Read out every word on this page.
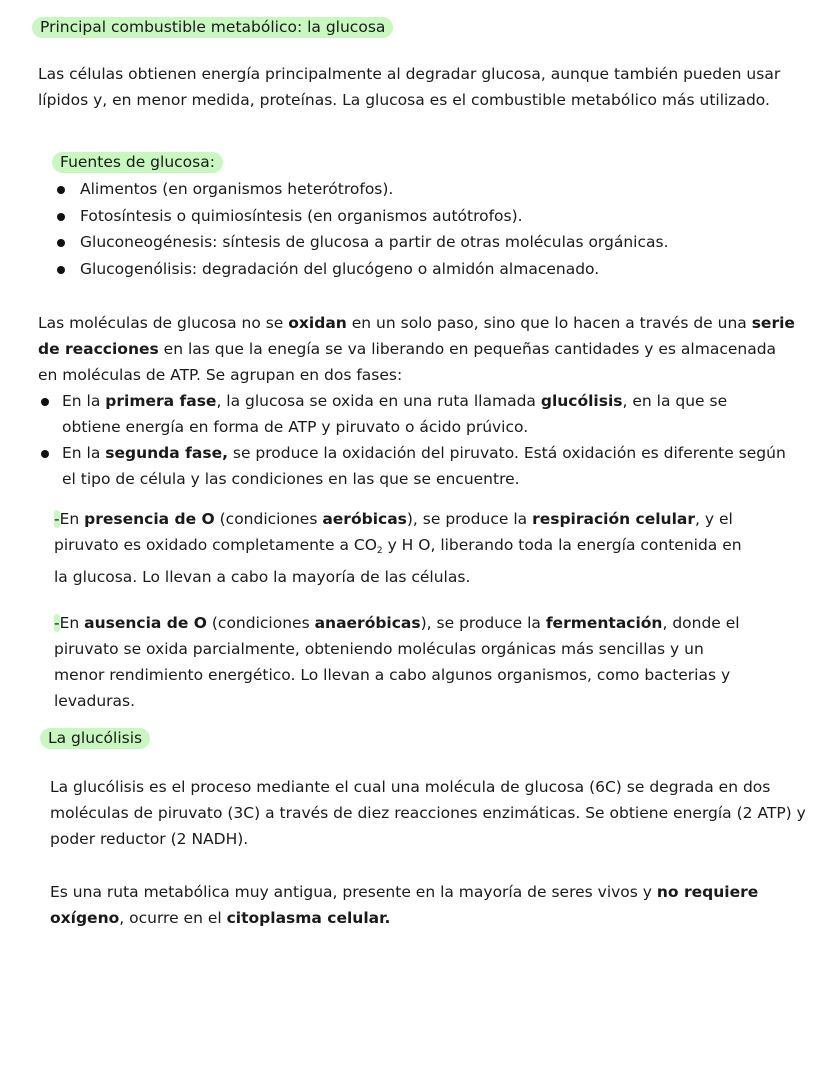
Principal combustible metabólico: la glucosa

Las células obtienen energía principalmente al degradar glucosa, aunque también pueden usar lípidos y, en menor medida, proteínas. La glucosa es el combustible metabólico más utilizado.

Fuentes de glucosa:
Alimentos (en organismos heterótrofos).
Fotosíntesis o quimiosíntesis (en organismos autótrofos).
Gluconeogénesis: síntesis de glucosa a partir de otras moléculas orgánicas.
Glucogenólisis: degradación del glucógeno o almidón almacenado.

Las moléculas de glucosa no se oxidan en un solo paso, sino que lo hacen a través de una serie de reacciones en las que la enegía se va liberando en pequeñas cantidades y es almacenada en moléculas de ATP. Se agrupan en dos fases:

En la primera fase, la glucosa se oxida en una ruta llamada glucólisis, en la que se obtiene energía en forma de ATP y piruvato o ácido prúvico.
En la segunda fase, se produce la oxidación del piruvato. Está oxidación es diferente según el tipo de célula y las condiciones en las que se encuentre.

-En presencia de O (condiciones aeróbicas), se produce la respiración celular, y el piruvato es oxidado completamente a $CO_2$ y H O, liberando toda la energía contenida en la glucosa. Lo llevan a cabo la mayoría de las células.

-En ausencia de O (condiciones anaeróbicas), se produce la fermentación, donde el piruvato se oxida parcialmente, obteniendo moléculas orgánicas más sencillas y un menor rendimiento energético. Lo llevan a cabo algunos organismos, como bacterias y levaduras.

La glucólisis

La glucólisis es el proceso mediante el cual una molécula de glucosa (6C) se degrada en dos moléculas de piruvato (3C) a través de diez reacciones enzimáticas. Se obtiene energía (2 ATP) y poder reductor (2 NADH).

Es una ruta metabólica muy antigua, presente en la mayoría de seres vivos y no requiere oxígeno, ocurre en el citoplasma celular.
